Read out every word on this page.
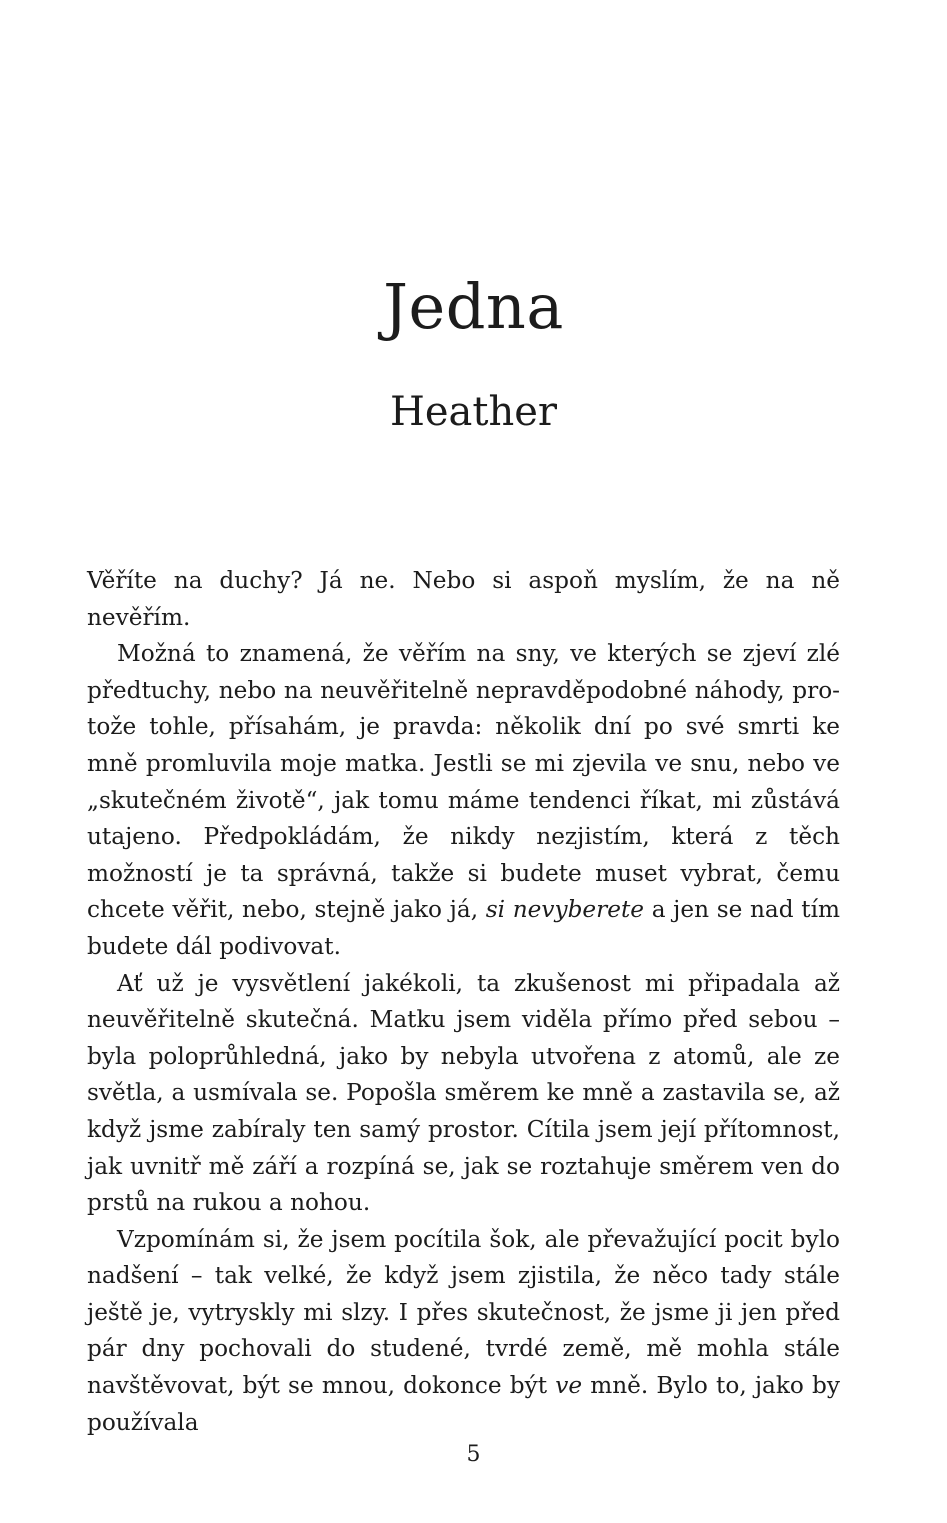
Jedna
Heather

Věříte na duchy? Já ne. Nebo si aspoň myslím, že na ně nevěřím.

Možná to znamená, že věřím na sny, ve kterých se zjeví zlé předtuchy, nebo na neuvěřitelně nepravděpodobné náhody, protože tohle, přísahám, je pravda: několik dní po své smrti ke mně promluvila moje matka. Jestli se mi zjevila ve snu, nebo ve „skutečném životě“, jak tomu máme tendenci říkat, mi zůstává utajeno. Předpokládám, že nikdy nezjistím, která z těch možností je ta správná, takže si budete muset vybrat, čemu chcete věřit, nebo, stejně jako já, si nevyberete a jen se nad tím budete dál podivovat.

Ať už je vysvětlení jakékoli, ta zkušenost mi připadala až neuvěřitelně skutečná. Matku jsem viděla přímo před sebou – byla poloprůhledná, jako by nebyla utvořena z atomů, ale ze světla, a usmívala se. Popošla směrem ke mně a zastavila se, až když jsme zabíraly ten samý prostor. Cítila jsem její přítomnost, jak uvnitř mě září a rozpíná se, jak se roztahuje směrem ven do prstů na rukou a nohou.

Vzpomínám si, že jsem pocítila šok, ale převažující pocit bylo nadšení – tak velké, že když jsem zjistila, že něco tady stále ještě je, vytryskly mi slzy. I přes skutečnost, že jsme ji jen před pár dny pochovali do studené, tvrdé země, mě mohla stále navštěvovat, být se mnou, dokonce být ve mně. Bylo to, jako by používala

5
